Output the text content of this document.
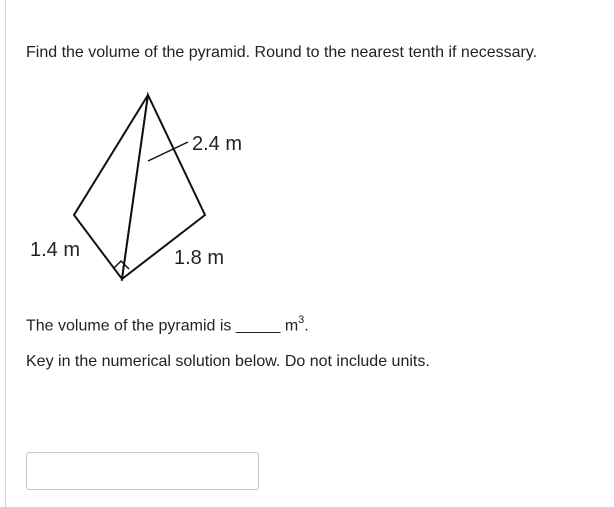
Find the volume of the pyramid. Round to the nearest tenth if necessary.
2.4 m
1.4 m	1.8 m
The volume of the pyramid is _____ $m^3$.
Key in the numerical solution below. Do not include units.
